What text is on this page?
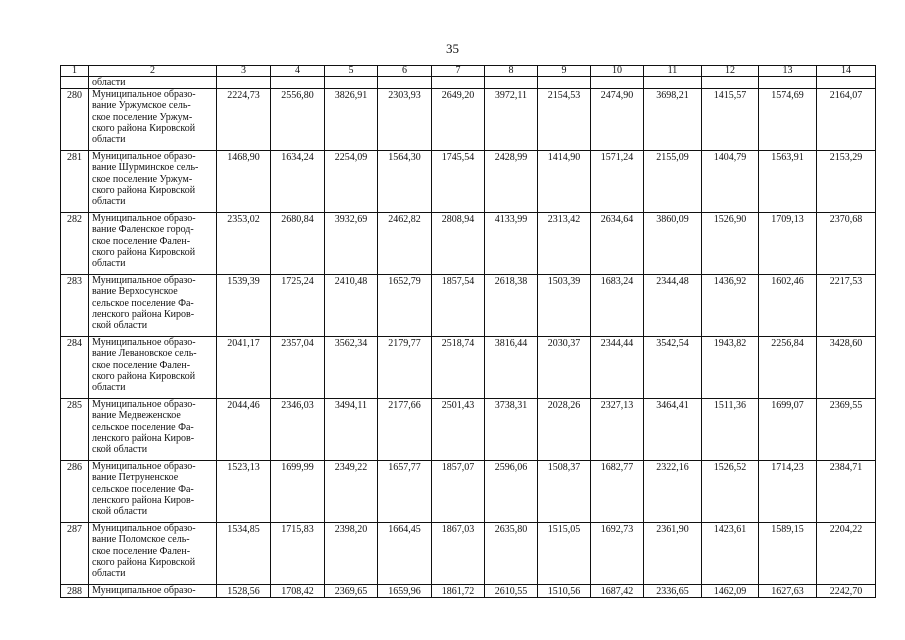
35
1	2	3	4	5	6	7	8	9	10	11	12	13	14
	области												
280	Муниципальное образо-
вание Уржумское сель-
ское поселение Уржум-
ского района Кировской
области	2224,73	2556,80	3826,91	2303,93	2649,20	3972,11	2154,53	2474,90	3698,21	1415,57	1574,69	2164,07
281	Муниципальное образо-
вание Шурминское сель-
ское поселение Уржум-
ского района Кировской
области	1468,90	1634,24	2254,09	1564,30	1745,54	2428,99	1414,90	1571,24	2155,09	1404,79	1563,91	2153,29
282	Муниципальное образо-
вание Фаленское город-
ское поселение Фален-
ского района Кировской
области	2353,02	2680,84	3932,69	2462,82	2808,94	4133,99	2313,42	2634,64	3860,09	1526,90	1709,13	2370,68
283	Муниципальное образо-
вание Верхосунское
сельское поселение Фа-
ленского района Киров-
ской области	1539,39	1725,24	2410,48	1652,79	1857,54	2618,38	1503,39	1683,24	2344,48	1436,92	1602,46	2217,53
284	Муниципальное образо-
вание Левановское сель-
ское поселение Фален-
ского района Кировской
области	2041,17	2357,04	3562,34	2179,77	2518,74	3816,44	2030,37	2344,44	3542,54	1943,82	2256,84	3428,60
285	Муниципальное образо-
вание Медвеженское
сельское поселение Фа-
ленского района Киров-
ской области	2044,46	2346,03	3494,11	2177,66	2501,43	3738,31	2028,26	2327,13	3464,41	1511,36	1699,07	2369,55
286	Муниципальное образо-
вание Петруненское
сельское поселение Фа-
ленского района Киров-
ской области	1523,13	1699,99	2349,22	1657,77	1857,07	2596,06	1508,37	1682,77	2322,16	1526,52	1714,23	2384,71
287	Муниципальное образо-
вание Поломское сель-
ское поселение Фален-
ского района Кировской
области	1534,85	1715,83	2398,20	1664,45	1867,03	2635,80	1515,05	1692,73	2361,90	1423,61	1589,15	2204,22
288	Муниципальное образо-	1528,56	1708,42	2369,65	1659,96	1861,72	2610,55	1510,56	1687,42	2336,65	1462,09	1627,63	2242,70
